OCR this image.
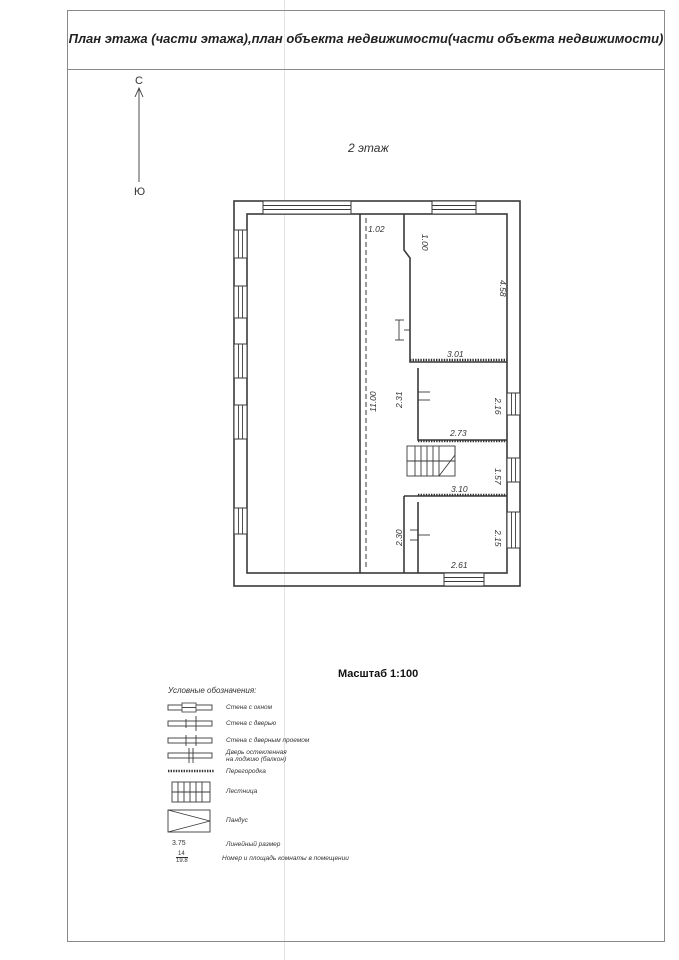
План этажа (части этажа),план объекта недвижимости(части объекта недвижимости)
С
Ю
1.02
1.00
4.58
3.01
11.00 2.31	2.16
2.73
1.57
3.10
2.30	2.15
2.61
2 этаж
Масштаб 1:100
Условные обозначения:
Стена с окном
Стена с дверью
Стена с дверным проемом
Дверь остекленная
на лоджию (балкон)
Перегородка
Лестница
Пандус
3.75	Линейный размер
14
19.8	Номер и площадь комнаты в помещении
